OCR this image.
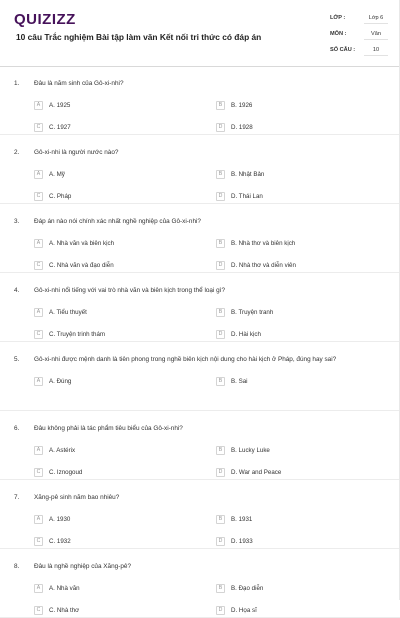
QUIZIZZ
10 câu Trắc nghiệm Bài tập làm văn Kết nối tri thức có đáp án
LỚP :	Lớp 6
MÔN :	Văn
SỐ CÂU :	10
1. Đâu là năm sinh của Gô-xi-nhi?
A	A. 1925	B	B. 1926
C	C. 1927	D	D. 1928
2. Gô-xi-nhi là người nước nào?
A	A. Mỹ	B	B. Nhật Bản
C	C. Pháp	D	D. Thái Lan
3. Đáp án nào nói chính xác nhất nghề nghiệp của Gô-xi-nhi?
A	A. Nhà văn và biên kịch	B	B. Nhà thơ và biên kịch
C	C. Nhà văn và đạo diễn	D	D. Nhà thơ và diễn viên
4. Gô-xi-nhi nổi tiếng với vai trò nhà văn và biên kịch trong thể loại gì?
A	A. Tiểu thuyết	B	B. Truyện tranh
C	C. Truyện trinh thám	D	D. Hài kịch
5. Gô-xi-nhi được mệnh danh là tiên phong trong nghề biên kịch nội dung cho hài kịch ở Pháp, đúng hay sai?
A	A. Đúng	B	B. Sai
6. Đâu không phải là tác phẩm tiêu biểu của Gô-xi-nhi?
A	A. Astérix	B	B. Lucky Luke
C	C. Iznogoud	D	D. War and Peace
7. Xăng-pê sinh năm bao nhiêu?
A	A. 1930	B	B. 1931
C	C. 1932	D	D. 1933
8. Đâu là nghề nghiệp của Xăng-pê?
A	A. Nhà văn	B	B. Đạo diễn
C	C. Nhà thơ	D	D. Họa sĩ
